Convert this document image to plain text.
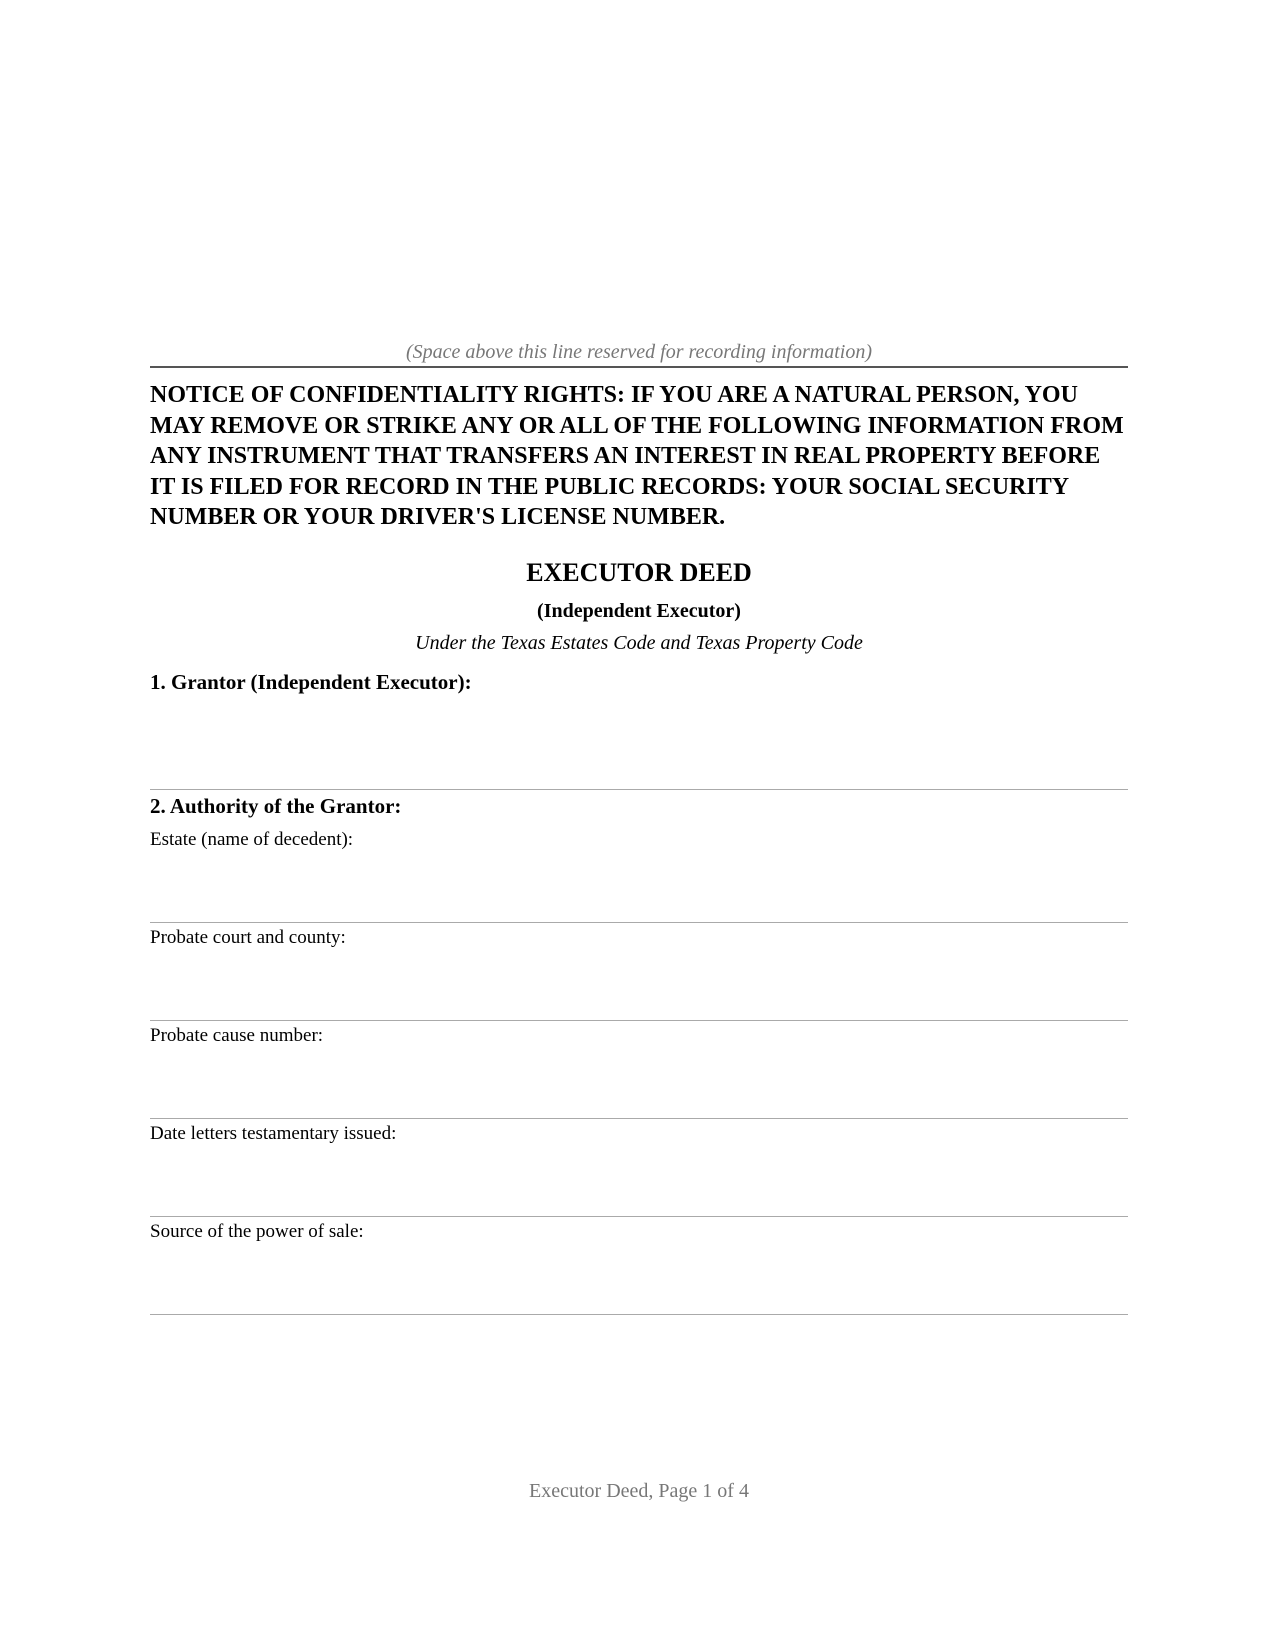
(Space above this line reserved for recording information)

NOTICE OF CONFIDENTIALITY RIGHTS: IF YOU ARE A NATURAL PERSON, YOU MAY REMOVE OR STRIKE ANY OR ALL OF THE FOLLOWING INFORMATION FROM ANY INSTRUMENT THAT TRANSFERS AN INTEREST IN REAL PROPERTY BEFORE IT IS FILED FOR RECORD IN THE PUBLIC RECORDS: YOUR SOCIAL SECURITY NUMBER OR YOUR DRIVER'S LICENSE NUMBER.

EXECUTOR DEED
(Independent Executor)
Under the Texas Estates Code and Texas Property Code
1. Grantor (Independent Executor):
2. Authority of the Grantor:
Estate (name of decedent):
Probate court and county:
Probate cause number:
Date letters testamentary issued:
Source of the power of sale:
Executor Deed, Page 1 of 4
